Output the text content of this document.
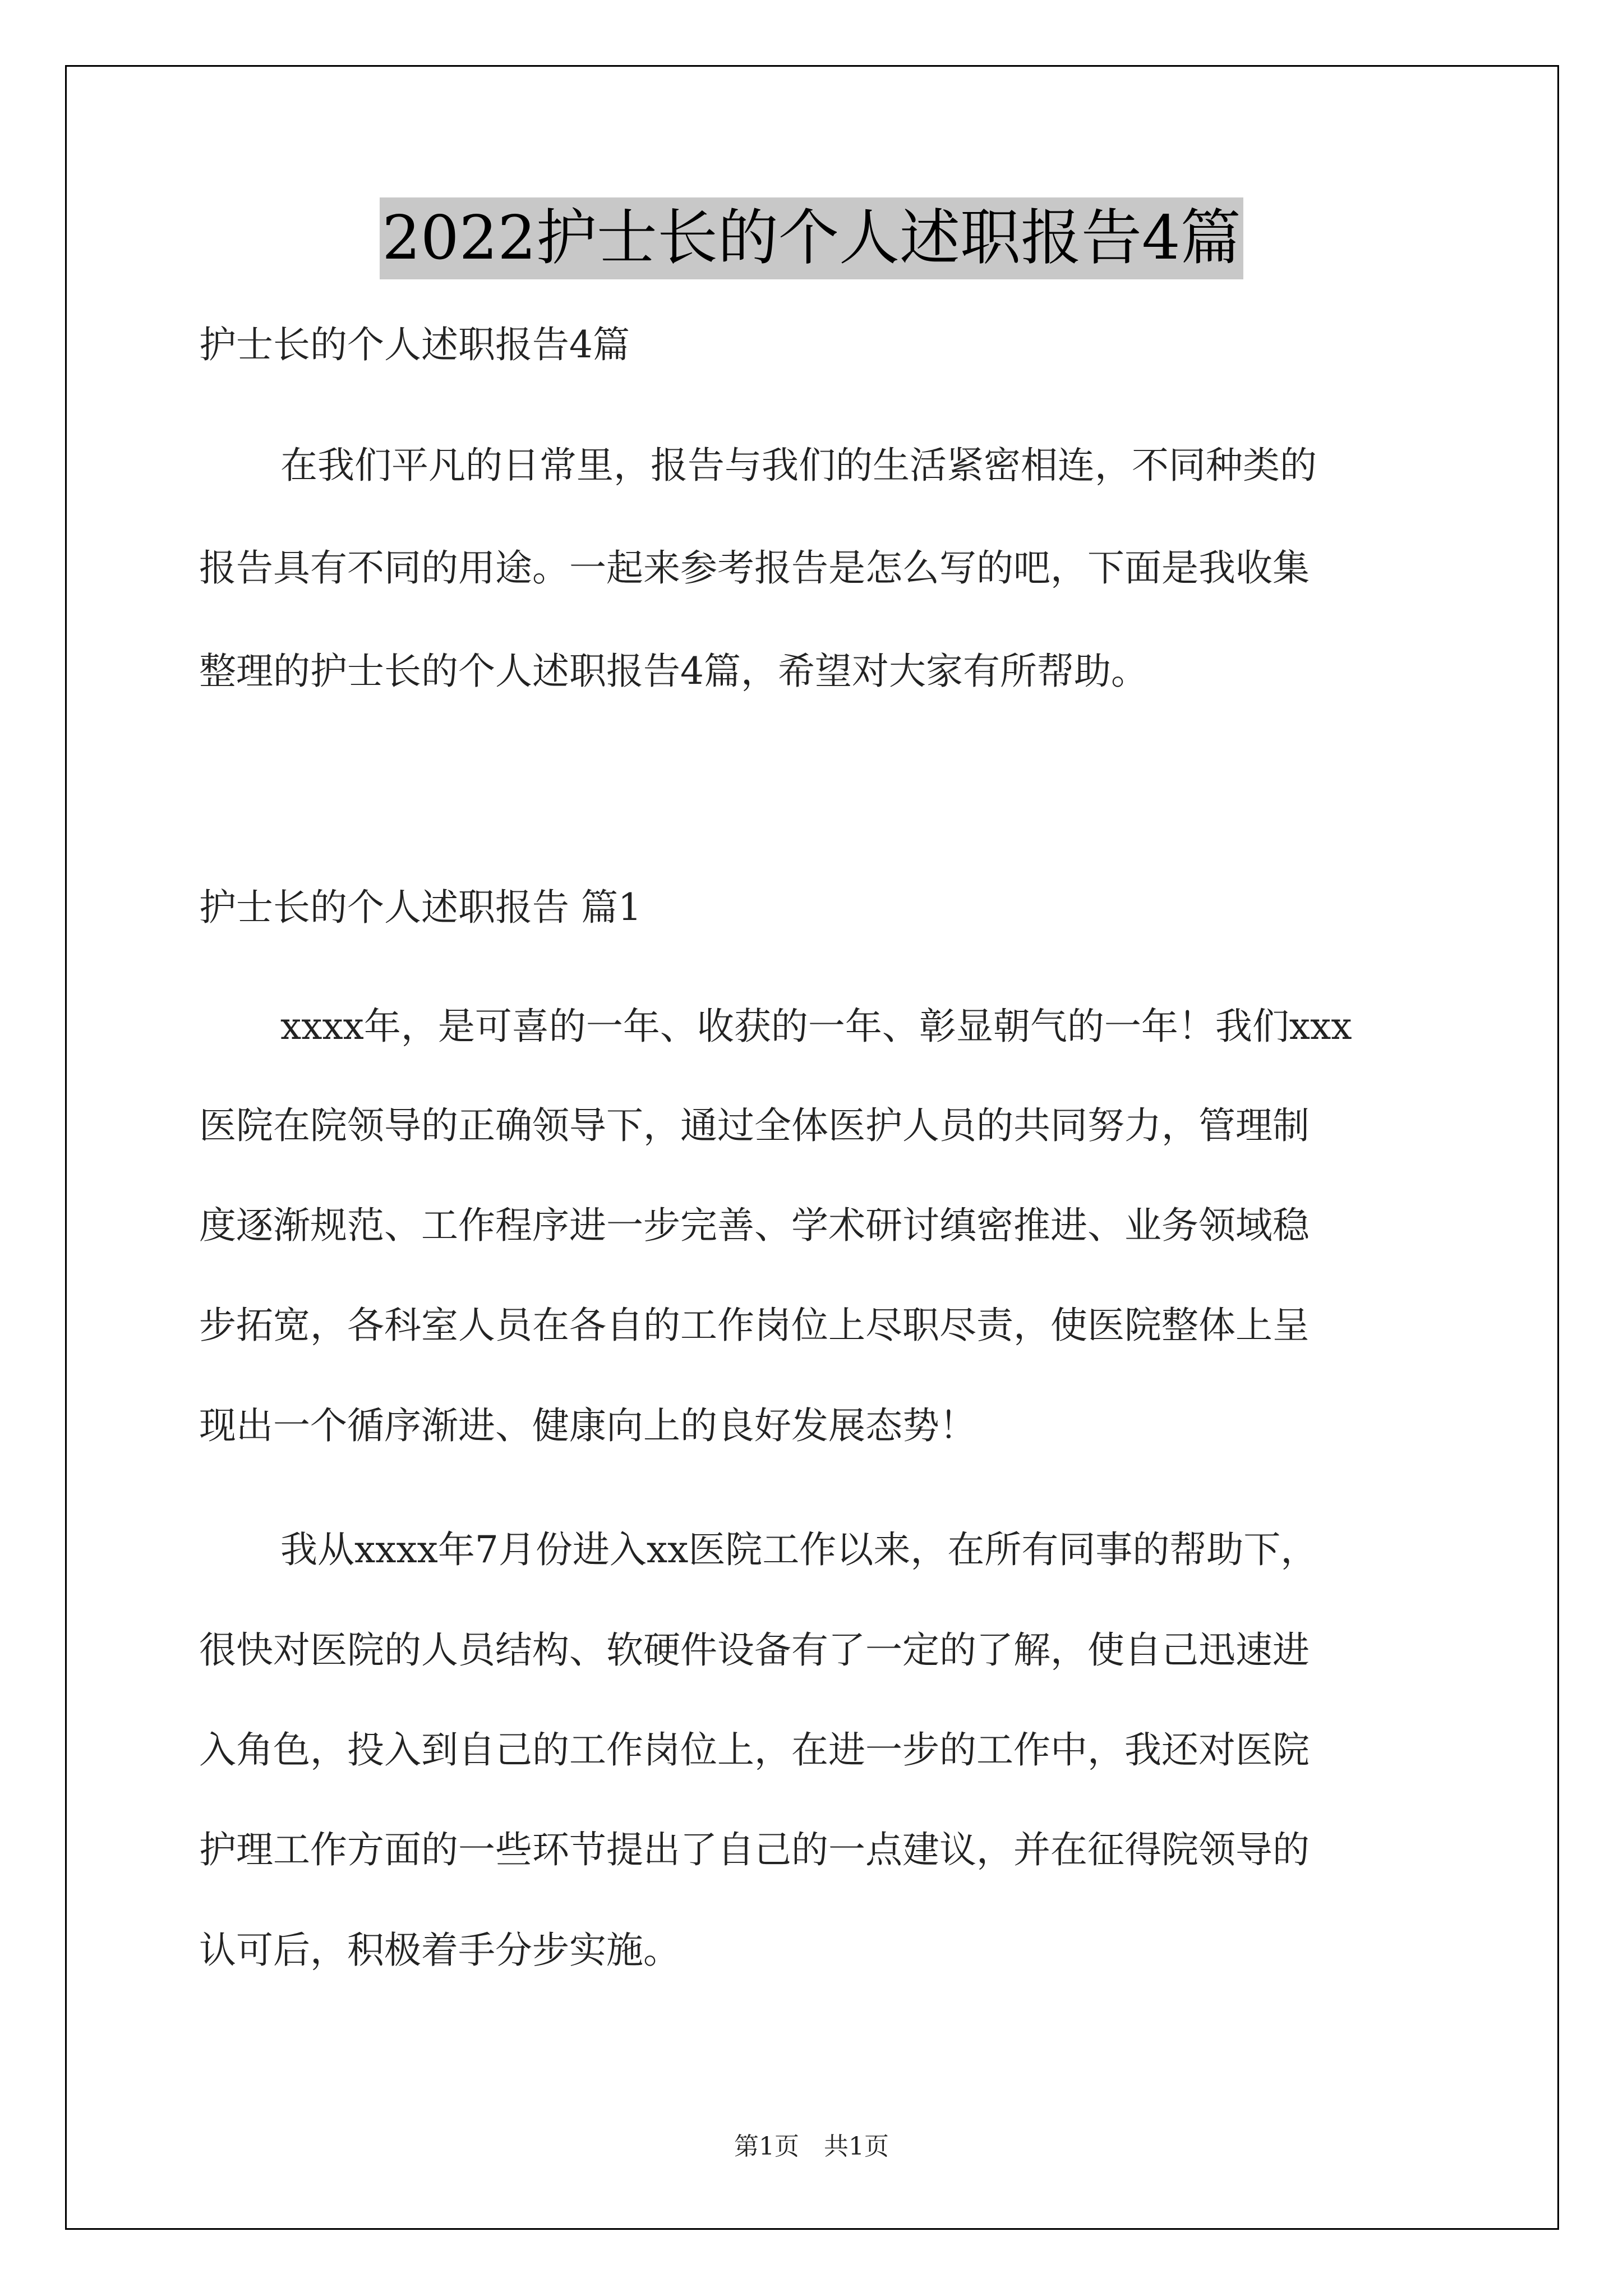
2022护士长的个人述职报告4篇
护士长的个人述职报告4篇
在我们平凡的日常里，报告与我们的生活紧密相连，不同种类的
报告具有不同的用途。一起来参考报告是怎么写的吧，下面是我收集
整理的护士长的个人述职报告4篇，希望对大家有所帮助。
护士长的个人述职报告 篇1
xxxx年，是可喜的一年、收获的一年、彰显朝气的一年！我们xxx
医院在院领导的正确领导下，通过全体医护人员的共同努力，管理制
度逐渐规范、工作程序进一步完善、学术研讨缜密推进、业务领域稳
步拓宽，各科室人员在各自的工作岗位上尽职尽责，使医院整体上呈
现出一个循序渐进、健康向上的良好发展态势！
我从xxxx年7月份进入xx医院工作以来，在所有同事的帮助下，
很快对医院的人员结构、软硬件设备有了一定的了解，使自己迅速进
入角色，投入到自己的工作岗位上，在进一步的工作中，我还对医院
护理工作方面的一些环节提出了自己的一点建议，并在征得院领导的
认可后，积极着手分步实施。
第1页　共1页
